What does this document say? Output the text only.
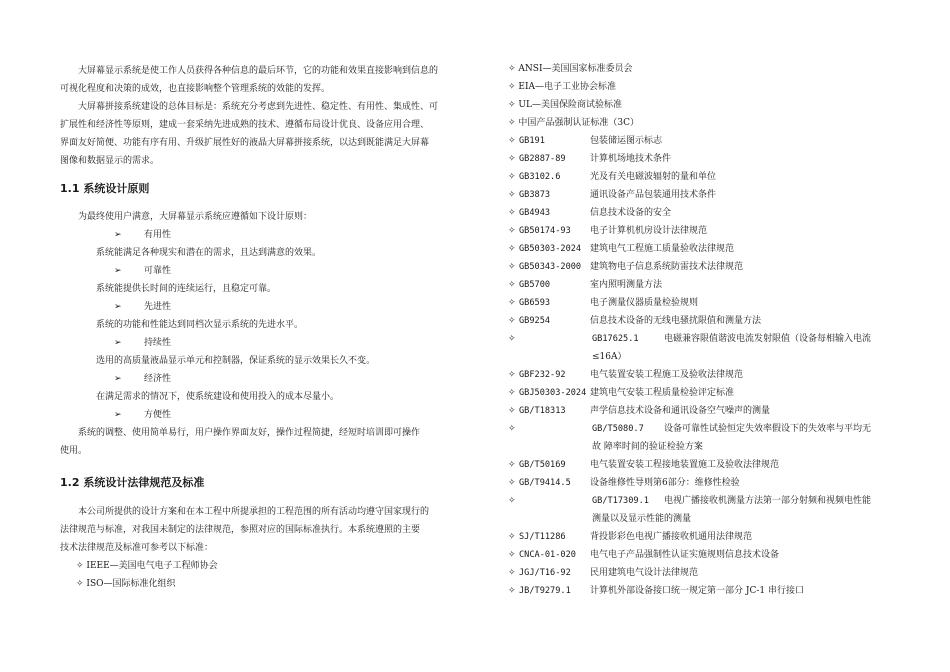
大屏幕显示系统是使工作人员获得各种信息的最后环节，它的功能和效果直接影响到信息的
可视化程度和决策的成效，也直接影响整个管理系统的效能的发挥。
大屏幕拼接系统建设的总体目标是：系统充分考虑到先进性、稳定性、有用性、集成性、可
扩展性和经济性等原则，建成一套采纳先进成熟的技术、遵循布局设计优良、设备应用合理、
界面友好简便、功能有序有用、升级扩展性好的液晶大屏幕拼接系统，以达到既能满足大屏幕
图像和数据显示的需求。
1.1 系统设计原则
为最终使用户满意，大屏幕显示系统应遵循如下设计原则：
➢ 有用性
系统能满足各种现实和潜在的需求，且达到满意的效果。
➢ 可靠性
系统能提供长时间的连续运行，且稳定可靠。
➢ 先进性
系统的功能和性能达到同档次显示系统的先进水平。
➢ 持续性
选用的高质量液晶显示单元和控制器，保证系统的显示效果长久不变。
➢ 经济性
在满足需求的情况下，使系统建设和使用投入的成本尽量小。
➢ 方便性
系统的调整、使用简单易行，用户操作界面友好，操作过程简捷，经短时培训即可操作
使用。
1.2 系统设计法律规范及标准
本公司所提供的设计方案和在本工程中所提承担的工程范围的所有活动均遵守国家现行的
法律规范与标准，对我国未制定的法律规范，参照对应的国际标准执行。本系统遵照的主要
技术法律规范及标准可参考以下标准：
✧ IEEE—美国电气电子工程师协会
✧ ISO—国际标准化组织
✧ ANSI—美国国家标准委员会
✧ EIA—电子工业协会标准
✧ UL—美国保险商试验标准
✧ 中国产品强制认证标准（3C）
✧ GB191	包装储运图示标志
✧ GB2887-89	计算机场地技术条件
✧ GB3102.6	光及有关电磁波辐射的量和单位
✧ GB3873	通讯设备产品包装通用技术条件
✧ GB4943	信息技术设备的安全
✧ GB50174-93 电子计算机机房设计法律规范
✧ GB50303-2024 建筑电气工程施工质量验收法律规范
✧ GB50343-2000 建筑物电子信息系统防雷技术法律规范
✧ GB5700	室内照明测量方法
✧ GB6593	电子测量仪器质量检验规则
✧ GB9254	信息技术设备的无线电骚扰限值和测量方法
✧	GB17625.1	电磁兼容限值谐波电流发射限值（设备每相输入电流
≤16A）
✧ GBF232-92	电气装置安装工程施工及验收法律规范
✧ GBJ50303-2024 建筑电气安装工程质量检验评定标准
✧ GB/T18313	声学信息技术设备和通讯设备空气噪声的测量
✧	GB/T5080.7 设备可靠性试验恒定失效率假设下的失效率与平均无
故 障率时间的验证检验方案
✧ GB/T50169	电气装置安装工程接地装置施工及验收法律规范
✧ GB/T9414.5 设备维修性导则第6部分：维修性检验
✧	GB/T17309.1 电视广播接收机测量方法第一部分射频和视频电性能
测量以及显示性能的测量
✧ SJ/T11286	背投影彩色电视广播接收机通用法律规范
✧ CNCA-01-020 电气电子产品强制性认证实施规则信息技术设备
✧ JGJ/T16-92 民用建筑电气设计法律规范
✧ JB/T9279.1 计算机外部设备接口统一规定第一部分 JC-1 串行接口
